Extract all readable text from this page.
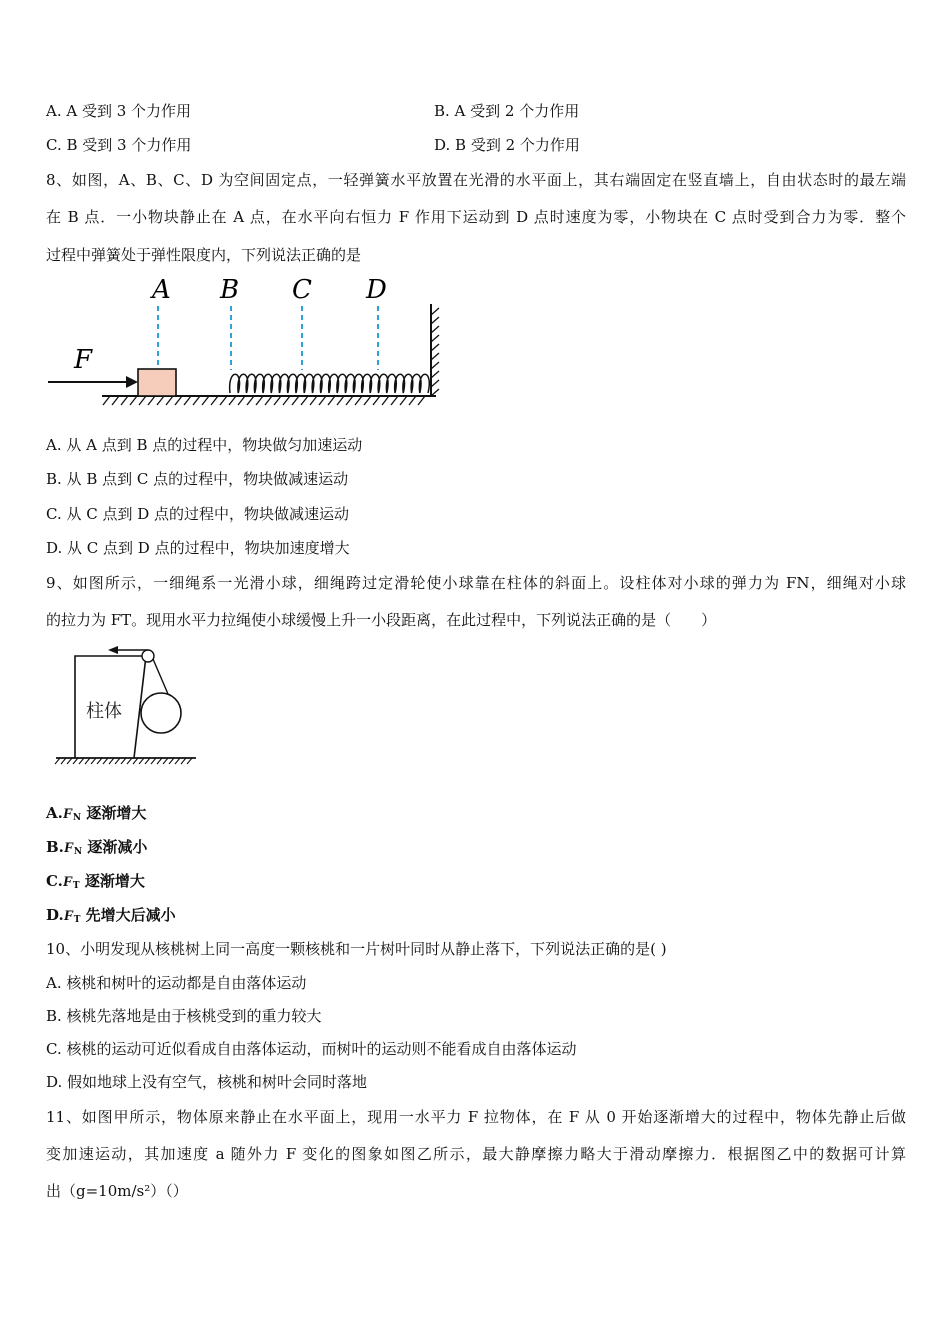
A. A 受到 3 个力作用	B. A 受到 2 个力作用
C. B 受到 3 个力作用	D. B 受到 2 个力作用
8、如图，A、B、C、D 为空间固定点，一轻弹簧水平放置在光滑的水平面上，其右端固定在竖直墙上，自由状态时的最左端
在 B 点．一小物块静止在 A 点，在水平向右恒力 F 作用下运动到 D 点时速度为零，小物块在 C 点时受到合力为零．整个
过程中弹簧处于弹性限度内，下列说法正确的是
A B C D
F
A. 从 A 点到 B 点的过程中，物块做匀加速运动
B. 从 B 点到 C 点的过程中，物块做减速运动
C. 从 C 点到 D 点的过程中，物块做减速运动
D. 从 C 点到 D 点的过程中，物块加速度增大
9、如图所示，一细绳系一光滑小球，细绳跨过定滑轮使小球靠在柱体的斜面上。设柱体对小球的弹力为 FN，细绳对小球
的拉力为 FT。现用水平力拉绳使小球缓慢上升一小段距离，在此过程中，下列说法正确的是（　　）
柱体
$A.F_N$ 逐渐增大
$B.F_N$ 逐渐减小
$C.F_T$ 逐渐增大
$D.F_T$ 先增大后减小
10、小明发现从核桃树上同一高度一颗核桃和一片树叶同时从静止落下，下列说法正确的是( )
A. 核桃和树叶的运动都是自由落体运动
B. 核桃先落地是由于核桃受到的重力较大
C. 核桃的运动可近似看成自由落体运动，而树叶的运动则不能看成自由落体运动
D. 假如地球上没有空气，核桃和树叶会同时落地
11、如图甲所示，物体原来静止在水平面上，现用一水平力 F 拉物体，在 F 从 0 开始逐渐增大的过程中，物体先静止后做
变加速运动，其加速度 a 随外力 F 变化的图象如图乙所示，最大静摩擦力略大于滑动摩擦力．根据图乙中的数据可计算
出（g=10m/s²）（）
